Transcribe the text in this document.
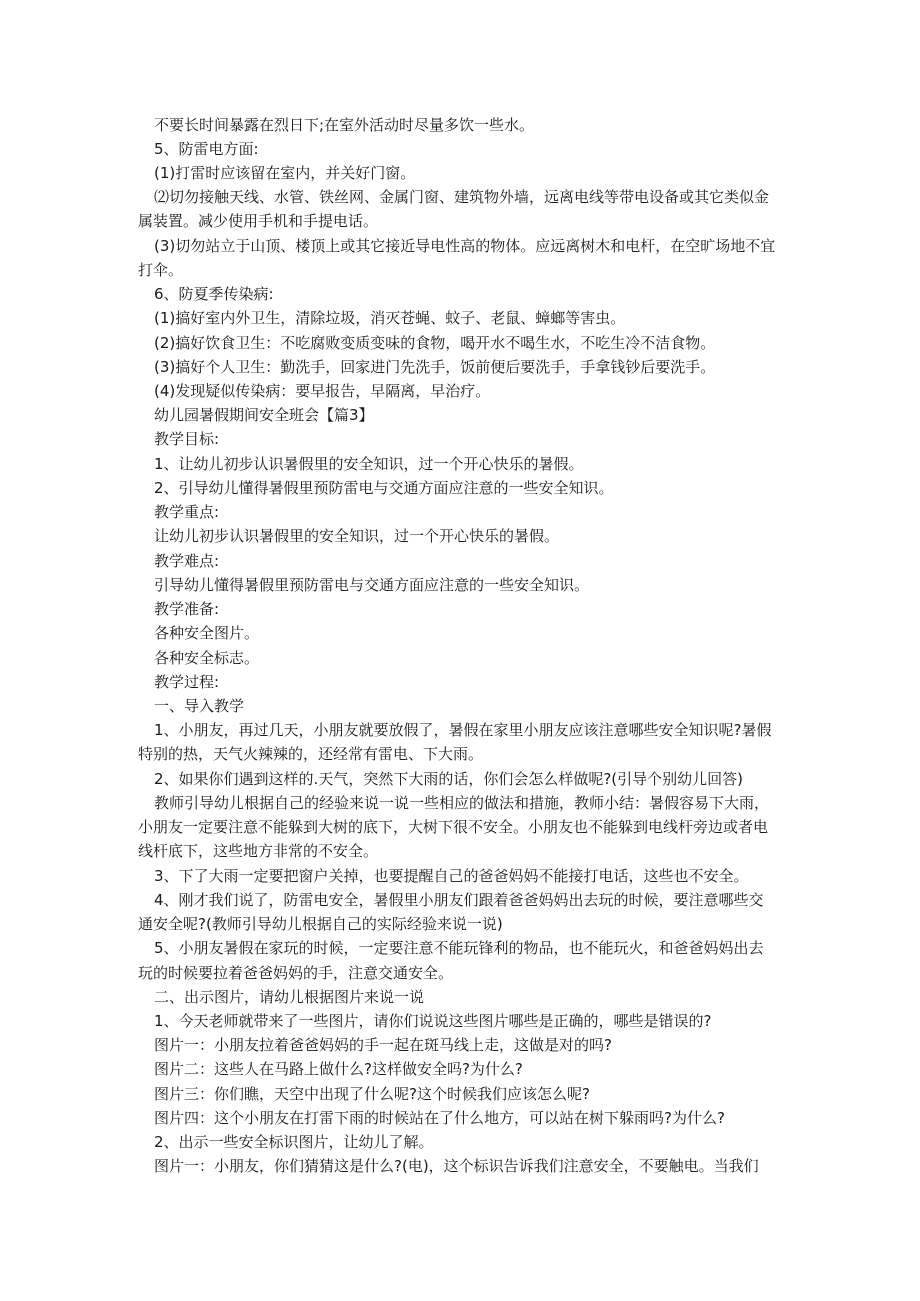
不要长时间暴露在烈日下;在室外活动时尽量多饮一些水。
5、防雷电方面:
(1)打雷时应该留在室内，并关好门窗。
⑵切勿接触天线、水管、铁丝网、金属门窗、建筑物外墙，远离电线等带电设备或其它类似金
属装置。减少使用手机和手提电话。
(3)切勿站立于山顶、楼顶上或其它接近导电性高的物体。应远离树木和电杆，在空旷场地不宜
打伞。
6、防夏季传染病:
(1)搞好室内外卫生，清除垃圾，消灭苍蝇、蚊子、老鼠、蟑螂等害虫。
(2)搞好饮食卫生：不吃腐败变质变味的食物，喝开水不喝生水，不吃生冷不洁食物。
(3)搞好个人卫生：勤洗手，回家进门先洗手，饭前便后要洗手，手拿钱钞后要洗手。
(4)发现疑似传染病：要早报告，早隔离，早治疗。
幼儿园暑假期间安全班会【篇3】
教学目标:
1、让幼儿初步认识暑假里的安全知识，过一个开心快乐的暑假。
2、引导幼儿懂得暑假里预防雷电与交通方面应注意的一些安全知识。
教学重点:
让幼儿初步认识暑假里的安全知识，过一个开心快乐的暑假。
教学难点:
引导幼儿懂得暑假里预防雷电与交通方面应注意的一些安全知识。
教学准备:
各种安全图片。
各种安全标志。
教学过程:
一、导入教学
1、小朋友，再过几天，小朋友就要放假了，暑假在家里小朋友应该注意哪些安全知识呢?暑假
特别的热，天气火辣辣的，还经常有雷电、下大雨。
2、如果你们遇到这样的.天气，突然下大雨的话，你们会怎么样做呢?(引导个别幼儿回答)
教师引导幼儿根据自己的经验来说一说一些相应的做法和措施，教师小结：暑假容易下大雨，
小朋友一定要注意不能躲到大树的底下，大树下很不安全。小朋友也不能躲到电线杆旁边或者电
线杆底下，这些地方非常的不安全。
3、下了大雨一定要把窗户关掉，也要提醒自己的爸爸妈妈不能接打电话，这些也不安全。
4、刚才我们说了，防雷电安全，暑假里小朋友们跟着爸爸妈妈出去玩的时候，要注意哪些交
通安全呢?(教师引导幼儿根据自己的实际经验来说一说)
5、小朋友暑假在家玩的时候，一定要注意不能玩锋利的物品，也不能玩火，和爸爸妈妈出去
玩的时候要拉着爸爸妈妈的手，注意交通安全。
二、出示图片，请幼儿根据图片来说一说
1、今天老师就带来了一些图片，请你们说说这些图片哪些是正确的，哪些是错误的?
图片一：小朋友拉着爸爸妈妈的手一起在斑马线上走，这做是对的吗?
图片二：这些人在马路上做什么?这样做安全吗?为什么?
图片三：你们瞧，天空中出现了什么呢?这个时候我们应该怎么呢?
图片四：这个小朋友在打雷下雨的时候站在了什么地方，可以站在树下躲雨吗?为什么?
2、出示一些安全标识图片，让幼儿了解。
图片一：小朋友，你们猜猜这是什么?(电)，这个标识告诉我们注意安全，不要触电。当我们
